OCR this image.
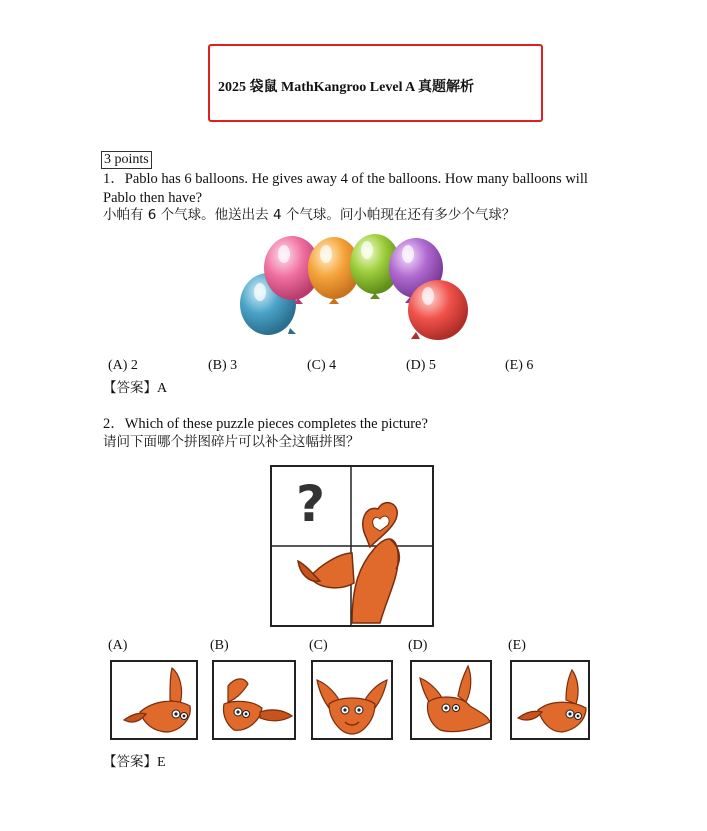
2025 袋鼠 MathKangroo Level A 真题解析
3 points
1．Pablo has 6 balloons. He gives away 4 of the balloons. How many balloons will Pablo then have?
小帕有 6 个气球。他送出去 4 个气球。问小帕现在还有多少个气球？
(A) 2	(B) 3	(C) 4	(D) 5	(E) 6
【答案】A
2．Which of these puzzle pieces completes the picture?
请问下面哪个拼图碎片可以补全这幅拼图？
?
(A)	(B)	(C)	(D)	(E)
【答案】E
